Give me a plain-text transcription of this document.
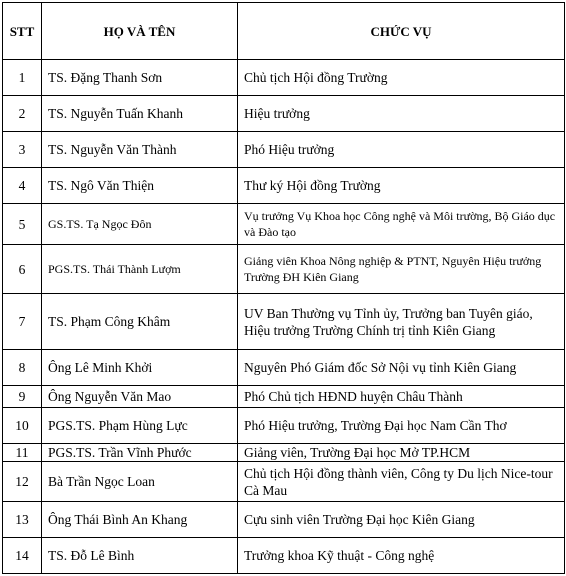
STT	HỌ VÀ TÊN	CHỨC VỤ
1	TS. Đặng Thanh Sơn	Chủ tịch Hội đồng Trường
2	TS. Nguyễn Tuấn Khanh	Hiệu trưởng
3	TS. Nguyễn Văn Thành	Phó Hiệu trưởng
4	TS. Ngô Văn Thiện	Thư ký Hội đồng Trường
5	GS.TS. Tạ Ngọc Đôn	Vụ trưởng Vụ Khoa học Công nghệ và Môi trường, Bộ Giáo dục và Đào tạo
6	PGS.TS. Thái Thành Lượm	Giảng viên Khoa Nông nghiệp & PTNT, Nguyên Hiệu trưởng Trường ĐH Kiên Giang
7	TS. Phạm Công Khâm	UV Ban Thường vụ Tỉnh ủy, Trưởng ban Tuyên giáo, Hiệu trưởng Trường Chính trị tỉnh Kiên Giang
8	Ông Lê Minh Khởi	Nguyên Phó Giám đốc Sở Nội vụ tỉnh Kiên Giang
9	Ông Nguyễn Văn Mao	Phó Chủ tịch HĐND huyện Châu Thành
10	PGS.TS. Phạm Hùng Lực	Phó Hiệu trưởng, Trường Đại học Nam Cần Thơ
11	PGS.TS. Trần Vĩnh Phước	Giảng viên, Trường Đại học Mở TP.HCM
12	Bà Trần Ngọc Loan	Chủ tịch Hội đồng thành viên, Công ty Du lịch Nice-tour Cà Mau
13	Ông Thái Bình An Khang	Cựu sinh viên Trường Đại học Kiên Giang
14	TS. Đỗ Lê Bình	Trưởng khoa Kỹ thuật - Công nghệ
